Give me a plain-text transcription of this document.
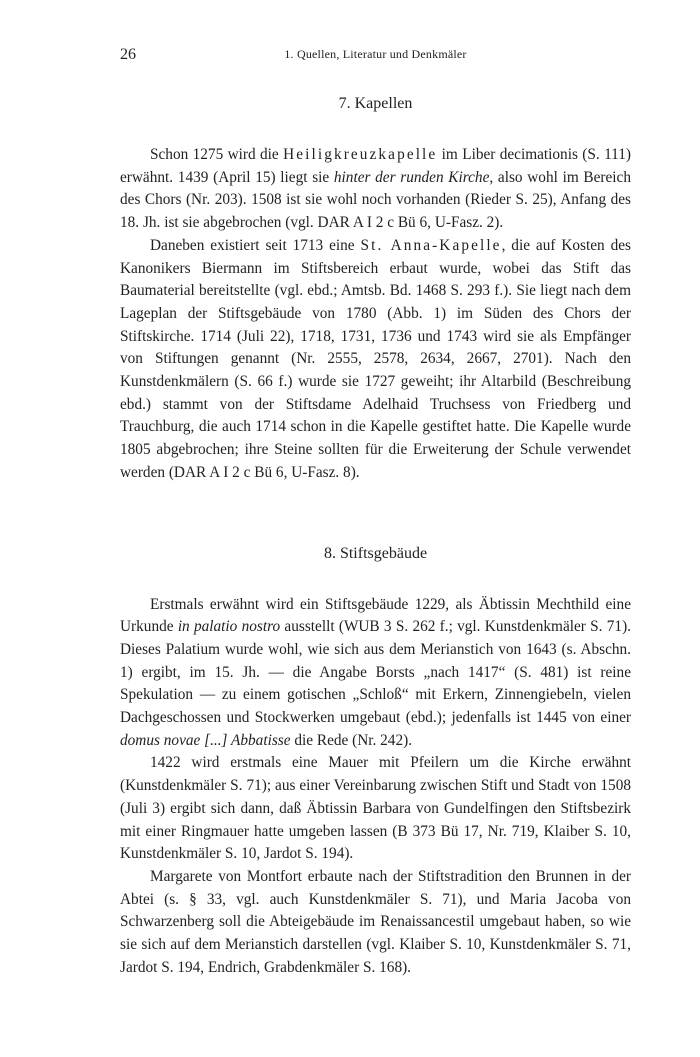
26	1. Quellen, Literatur und Denkmäler
7. Kapellen

Schon 1275 wird die Heiligkreuzkapelle im Liber decimationis (S. 111) erwähnt. 1439 (April 15) liegt sie hinter der runden Kirche, also wohl im Bereich des Chors (Nr. 203). 1508 ist sie wohl noch vorhanden (Rieder S. 25), Anfang des 18. Jh. ist sie abgebrochen (vgl. DAR A I 2 c Bü 6, U-Fasz. 2).

Daneben existiert seit 1713 eine St. Anna-Kapelle, die auf Kosten des Kanonikers Biermann im Stiftsbereich erbaut wurde, wobei das Stift das Baumaterial bereitstellte (vgl. ebd.; Amtsb. Bd. 1468 S. 293 f.). Sie liegt nach dem Lageplan der Stiftsgebäude von 1780 (Abb. 1) im Süden des Chors der Stiftskirche. 1714 (Juli 22), 1718, 1731, 1736 und 1743 wird sie als Empfänger von Stiftungen genannt (Nr. 2555, 2578, 2634, 2667, 2701). Nach den Kunstdenkmälern (S. 66 f.) wurde sie 1727 geweiht; ihr Altarbild (Beschreibung ebd.) stammt von der Stiftsdame Adelhaid Truchsess von Friedberg und Trauchburg, die auch 1714 schon in die Kapelle gestiftet hatte. Die Kapelle wurde 1805 abgebrochen; ihre Steine sollten für die Erweiterung der Schule verwendet werden (DAR A I 2 c Bü 6, U-Fasz. 8).

8. Stiftsgebäude

Erstmals erwähnt wird ein Stiftsgebäude 1229, als Äbtissin Mechthild eine Urkunde in palatio nostro ausstellt (WUB 3 S. 262 f.; vgl. Kunstdenkmäler S. 71). Dieses Palatium wurde wohl, wie sich aus dem Merianstich von 1643 (s. Abschn. 1) ergibt, im 15. Jh. — die Angabe Borsts „nach 1417“ (S. 481) ist reine Spekulation — zu einem gotischen „Schloß“ mit Erkern, Zinnengiebeln, vielen Dachgeschossen und Stockwerken umgebaut (ebd.); jedenfalls ist 1445 von einer domus novae [...] Abbatisse die Rede (Nr. 242).

1422 wird erstmals eine Mauer mit Pfeilern um die Kirche erwähnt (Kunstdenkmäler S. 71); aus einer Vereinbarung zwischen Stift und Stadt von 1508 (Juli 3) ergibt sich dann, daß Äbtissin Barbara von Gundelfingen den Stiftsbezirk mit einer Ringmauer hatte umgeben lassen (B 373 Bü 17, Nr. 719, Klaiber S. 10, Kunstdenkmäler S. 10, Jardot S. 194).

Margarete von Montfort erbaute nach der Stiftstradition den Brunnen in der Abtei (s. § 33, vgl. auch Kunstdenkmäler S. 71), und Maria Jacoba von Schwarzenberg soll die Abteigebäude im Renaissancestil umgebaut haben, so wie sie sich auf dem Merianstich darstellen (vgl. Klaiber S. 10, Kunstdenkmäler S. 71, Jardot S. 194, Endrich, Grabdenkmäler S. 168).
